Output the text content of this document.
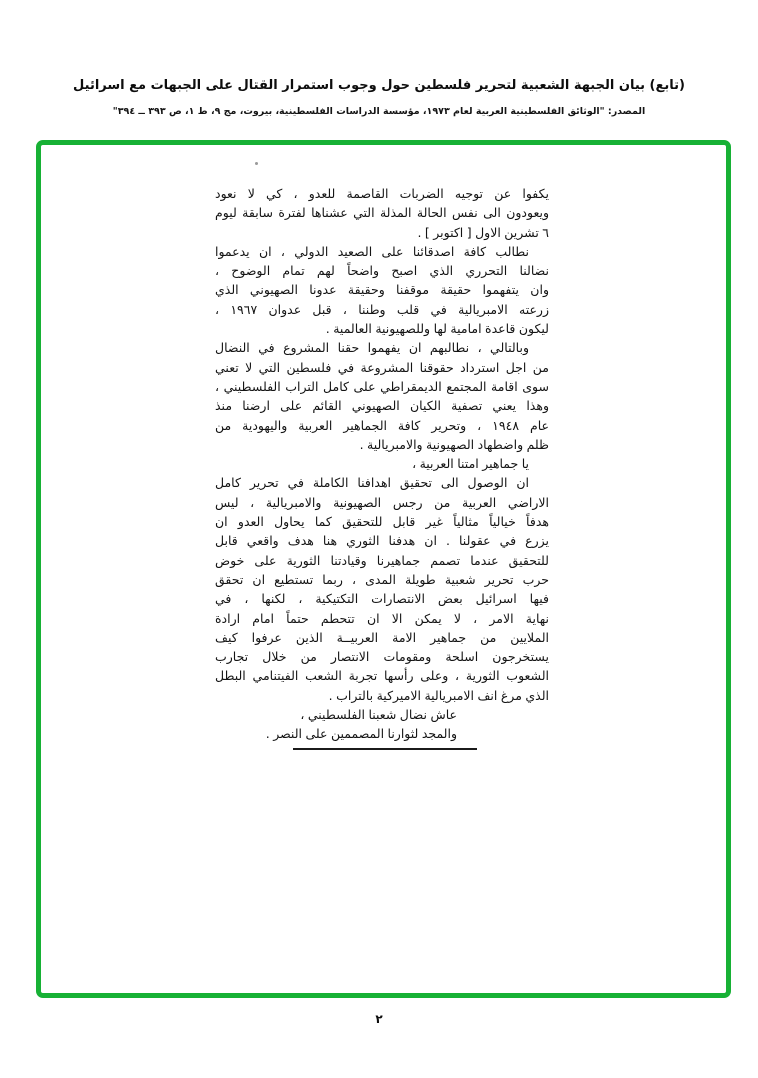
(تابع) بيان الجبهة الشعبية لتحرير فلسطين حول وجوب استمرار القتال على الجبهات مع اسرائيل
المصدر: "الوثائق الفلسطينية العربية لعام ١٩٧٣، مؤسسة الدراسات الفلسطينية، بيروت، مج ٩، ط ١، ص ٣٩٣ ــ ٣٩٤"
يكفوا عن توجيه الضربات القاصمة للعدو ، كي لا نعود
ويعودون الى نفس الحالة المذلة التي عشناها لفترة سابقة ليوم
٦ تشرين الاول [ اكتوبر ] .
نطالب كافة اصدقائنا على الصعيد الدولي ، ان يدعموا
نضالنا التحرري الذي اصبح واضحاً لهم تمام الوضوح ،
وان يتفهموا حقيقة موقفنا وحقيقة عدونا الصهيوني الذي
زرعته الامبريالية في قلب وطننا ، قبل عدوان ١٩٦٧ ،
ليكون قاعدة امامية لها وللصهيونية العالمية .
وبالتالي ، نطالبهم ان يفهموا حقنا المشروع في النضال
من اجل استرداد حقوقنا المشروعة في فلسطين التي لا تعني
سوى اقامة المجتمع الديمقراطي على كامل التراب الفلسطيني ،
وهذا يعني تصفية الكيان الصهيوني القائم على ارضنا منذ
عام ١٩٤٨ ، وتحرير كافة الجماهير العربية واليهودية من
ظلم واضطهاد الصهيونية والامبريالية .
يا جماهير امتنا العربية ،
ان الوصول الى تحقيق اهدافنا الكاملة في تحرير كامل
الاراضي العربية من رجس الصهيونية والامبريالية ، ليس
هدفاً خيالياً مثالياً غير قابل للتحقيق كما يحاول العدو ان
يزرع في عقولنا . ان هدفنا الثوري هنا هدف واقعي قابل
للتحقيق عندما تصمم جماهيرنا وقيادتنا الثورية على خوض
حرب تحرير شعبية طويلة المدى ، ربما تستطيع ان تحقق
فيها اسرائيل بعض الانتصارات التكتيكية ، لكنها ، في
نهاية الامر ، لا يمكن الا ان تتحطم حتماً امام ارادة
الملايين من جماهير الامة العربيــة الذين عرفوا كيف
يستخرجون اسلحة ومقومات الانتصار من خلال تجارب
الشعوب الثورية ، وعلى رأسها تجربة الشعب الفيتنامي البطل
الذي مرغ انف الامبريالية الاميركية بالتراب .
عاش نضال شعبنا الفلسطيني ،
والمجد لثوارنا المصممين على النصر .
٢
